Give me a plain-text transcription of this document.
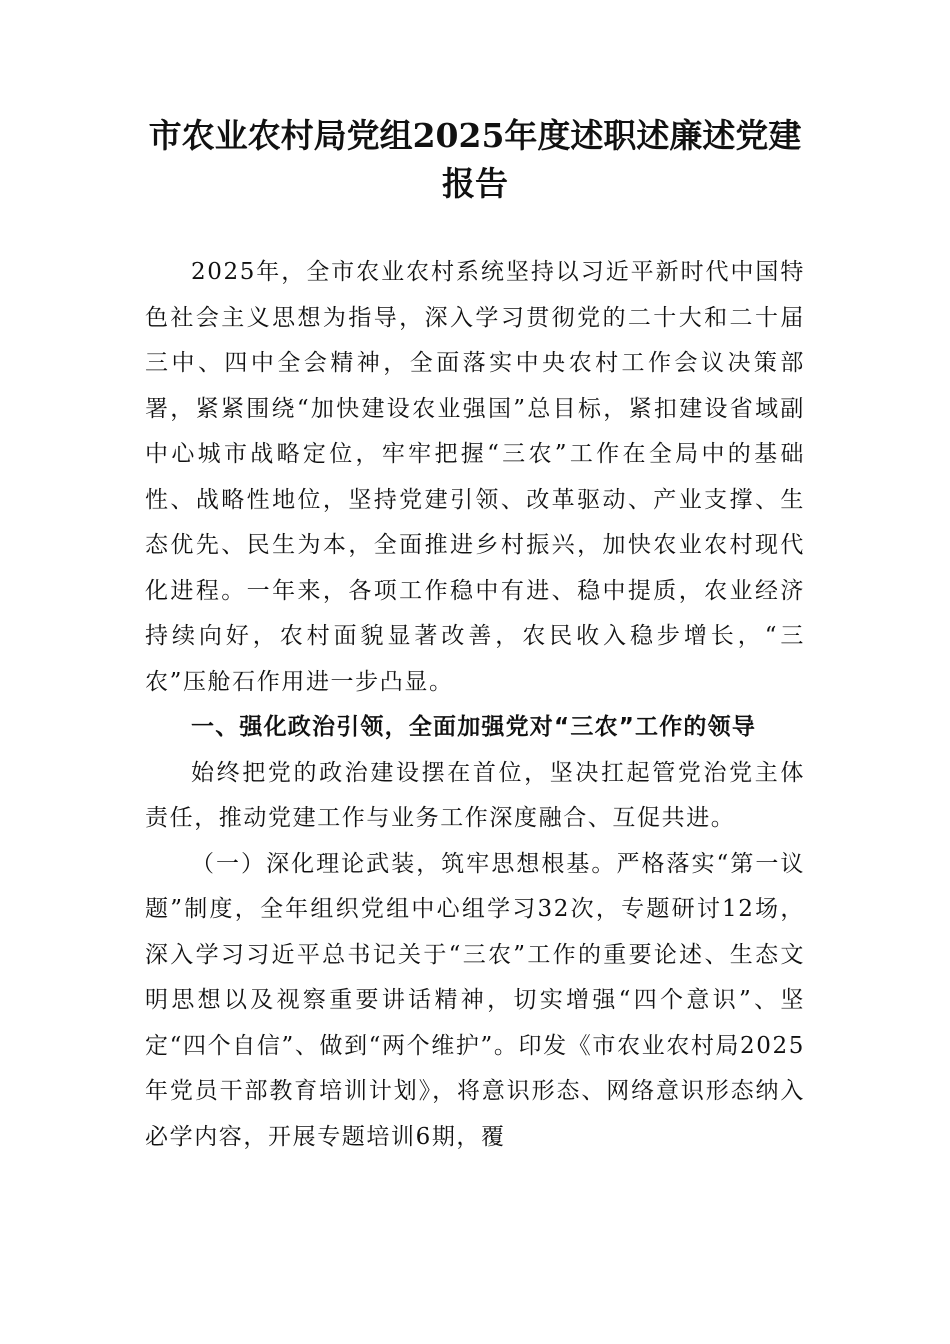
市农业农村局党组2025年度述职述廉述党建报告

2025年，全市农业农村系统坚持以习近平新时代中国特色社会主义思想为指导，深入学习贯彻党的二十大和二十届三中、四中全会精神，全面落实中央农村工作会议决策部署，紧紧围绕“加快建设农业强国”总目标，紧扣建设省域副中心城市战略定位，牢牢把握“三农”工作在全局中的基础性、战略性地位，坚持党建引领、改革驱动、产业支撑、生态优先、民生为本，全面推进乡村振兴，加快农业农村现代化进程。一年来，各项工作稳中有进、稳中提质，农业经济持续向好，农村面貌显著改善，农民收入稳步增长，“三农”压舱石作用进一步凸显。

一、强化政治引领，全面加强党对“三农”工作的领导

始终把党的政治建设摆在首位，坚决扛起管党治党主体责任，推动党建工作与业务工作深度融合、互促共进。

（一）深化理论武装，筑牢思想根基。严格落实“第一议题”制度，全年组织党组中心组学习32次，专题研讨12场，深入学习习近平总书记关于“三农”工作的重要论述、生态文明思想以及视察重要讲话精神，切实增强“四个意识”、坚定“四个自信”、做到“两个维护”。印发《市农业农村局2025年党员干部教育培训计划》，将意识形态、网络意识形态纳入必学内容，开展专题培训6期，覆
